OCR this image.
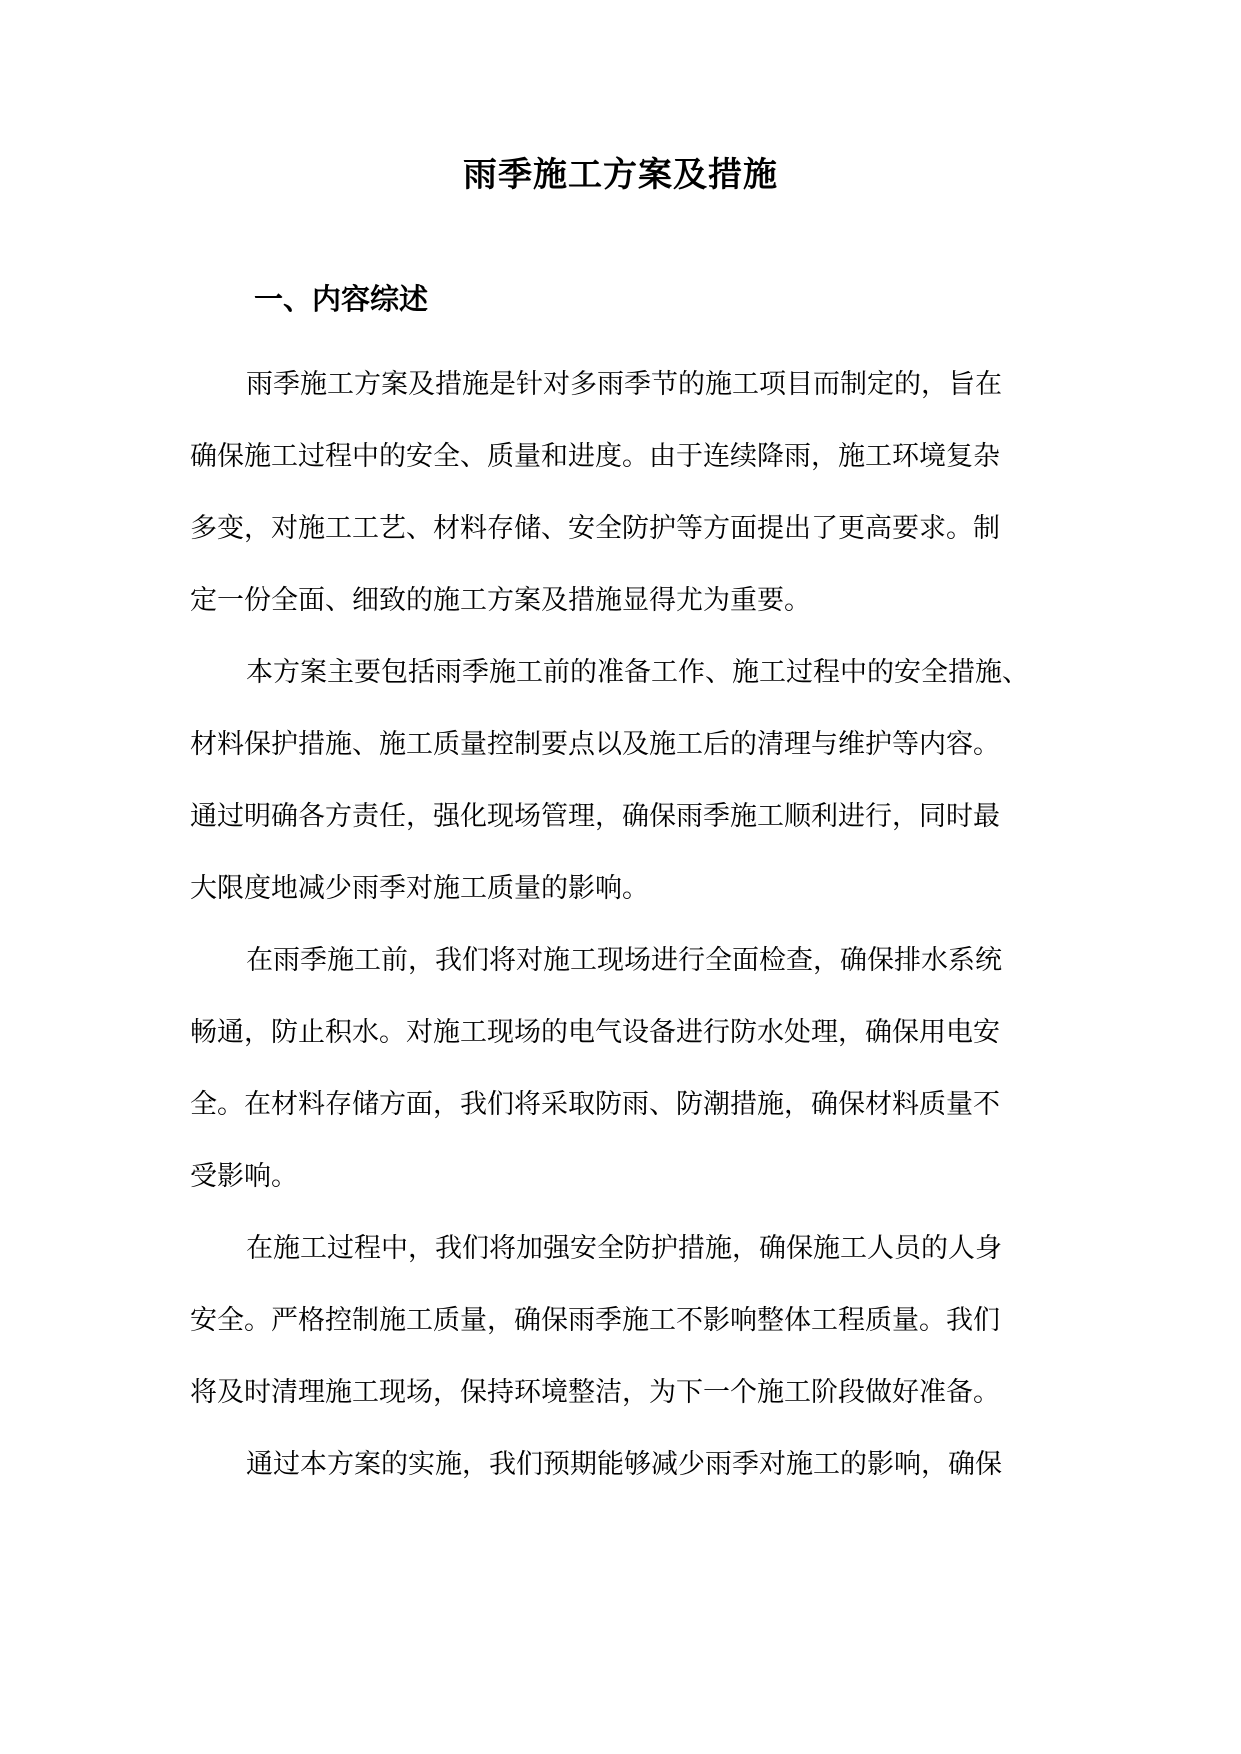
雨季施工方案及措施
一、内容综述

雨季施工方案及措施是针对多雨季节的施工项目而制定的，旨在

确保施工过程中的安全、质量和进度。由于连续降雨，施工环境复杂

多变，对施工工艺、材料存储、安全防护等方面提出了更高要求。制

定一份全面、细致的施工方案及措施显得尤为重要。

本方案主要包括雨季施工前的准备工作、施工过程中的安全措施、

材料保护措施、施工质量控制要点以及施工后的清理与维护等内容。

通过明确各方责任，强化现场管理，确保雨季施工顺利进行，同时最

大限度地减少雨季对施工质量的影响。

在雨季施工前，我们将对施工现场进行全面检查，确保排水系统

畅通，防止积水。对施工现场的电气设备进行防水处理，确保用电安

全。在材料存储方面，我们将采取防雨、防潮措施，确保材料质量不

受影响。

在施工过程中，我们将加强安全防护措施，确保施工人员的人身

安全。严格控制施工质量，确保雨季施工不影响整体工程质量。我们

将及时清理施工现场，保持环境整洁，为下一个施工阶段做好准备。

通过本方案的实施，我们预期能够减少雨季对施工的影响，确保
